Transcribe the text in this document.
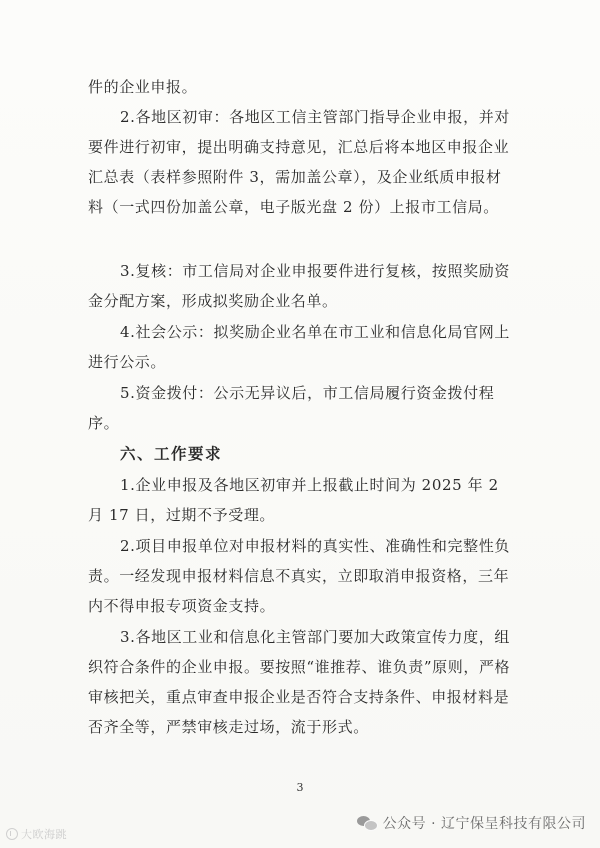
件的企业申报。

2.各地区初审：各地区工信主管部门指导企业申报，并对要件进行初审，提出明确支持意见，汇总后将本地区申报企业汇总表（表样参照附件 3，需加盖公章），及企业纸质申报材料（一式四份加盖公章，电子版光盘 2 份）上报市工信局。

3.复核：市工信局对企业申报要件进行复核，按照奖励资金分配方案，形成拟奖励企业名单。

4.社会公示：拟奖励企业名单在市工业和信息化局官网上进行公示。

5.资金拨付：公示无异议后，市工信局履行资金拨付程序。

六、工作要求

1.企业申报及各地区初审并上报截止时间为 2025 年 2 月 17 日，过期不予受理。

2.项目申报单位对申报材料的真实性、准确性和完整性负责。一经发现申报材料信息不真实，立即取消申报资格，三年内不得申报专项资金支持。

3.各地区工业和信息化主管部门要加大政策宣传力度，组织符合条件的企业申报。要按照“谁推荐、谁负责”原则，严格审核把关，重点审查申报企业是否符合支持条件、申报材料是否齐全等，严禁审核走过场，流于形式。

3
大欧海跳
公众号 · 辽宁保呈科技有限公司
